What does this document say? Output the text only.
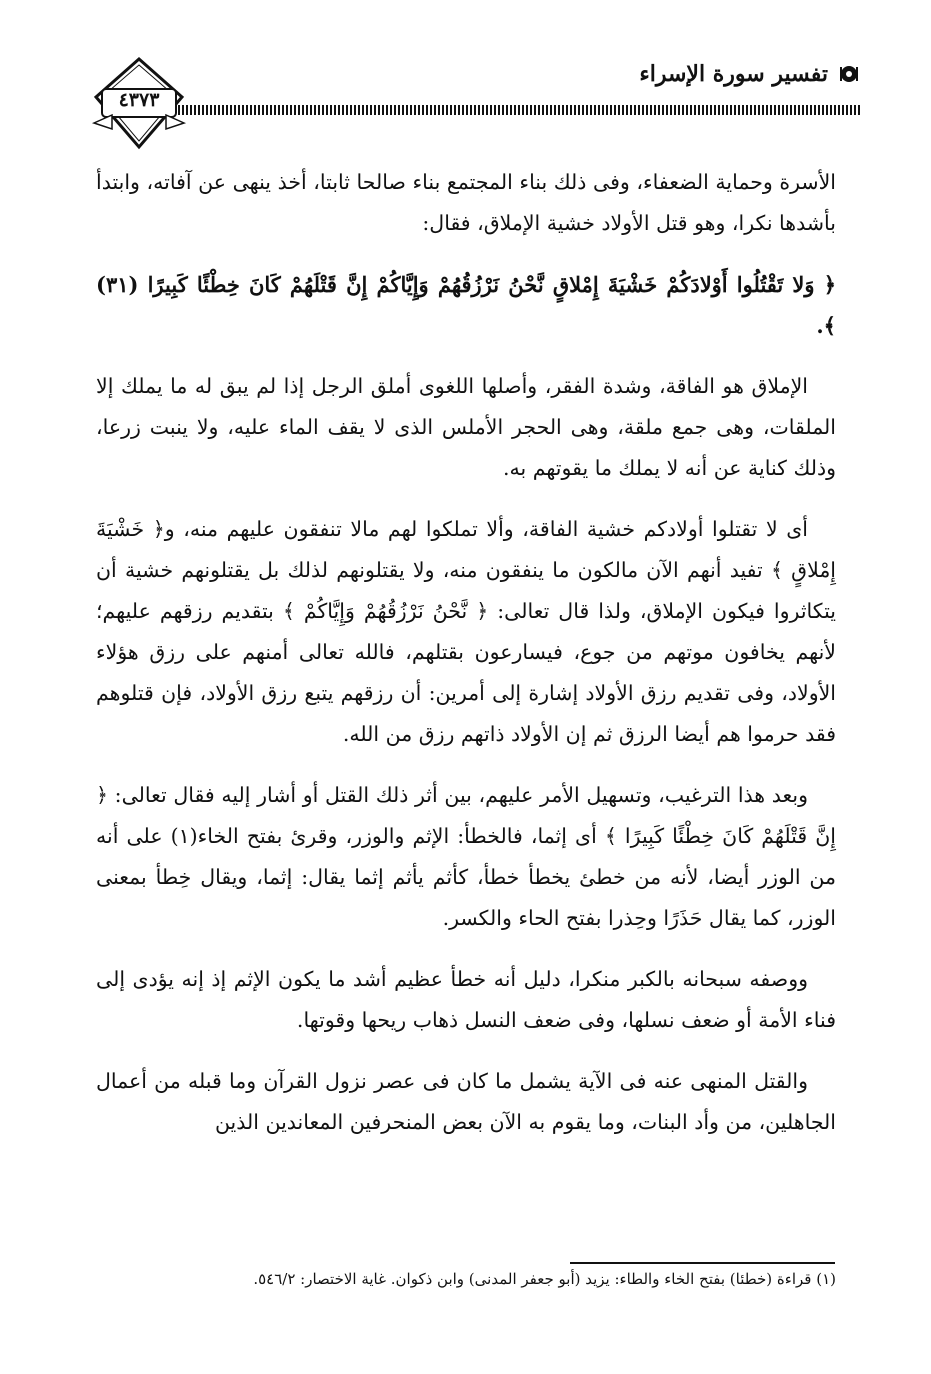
تفسير سورة الإسراء
٤٣٧٣

الأسرة وحماية الضعفاء، وفى ذلك بناء المجتمع بناء صالحا ثابتا، أخذ ينهى عن آفاته، وابتدأ بأشدها نكرا، وهو قتل الأولاد خشية الإملاق، فقال:

﴿ وَلا تَقْتُلُوا أَوْلادَكُمْ خَشْيَةَ إِمْلاقٍ نَّحْنُ نَرْزُقُهُمْ وَإِيَّاكُمْ إِنَّ قَتْلَهُمْ كَانَ خِطْئًا كَبِيرًا (٣١) ﴾.

الإملاق هو الفاقة، وشدة الفقر، وأصلها اللغوى أملق الرجل إذا لم يبق له ما يملك إلا الملقات، وهى جمع ملقة، وهى الحجر الأملس الذى لا يقف الماء عليه، ولا ينبت زرعا، وذلك كناية عن أنه لا يملك ما يقوتهم به.

أى لا تقتلوا أولادكم خشية الفاقة، وألا تملكوا لهم مالا تنفقون عليهم منه، و﴿ خَشْيَةَ إِمْلاقٍ ﴾ تفيد أنهم الآن مالكون ما ينفقون منه، ولا يقتلونهم لذلك بل يقتلونهم خشية أن يتكاثروا فيكون الإملاق، ولذا قال تعالى: ﴿ نَّحْنُ نَرْزُقُهُمْ وَإِيَّاكُمْ ﴾ بتقديم رزقهم عليهم؛ لأنهم يخافون موتهم من جوع، فيسارعون بقتلهم، فالله تعالى أمنهم على رزق هؤلاء الأولاد، وفى تقديم رزق الأولاد إشارة إلى أمرين: أن رزقهم يتبع رزق الأولاد، فإن قتلوهم فقد حرموا هم أيضا الرزق ثم إن الأولاد ذاتهم رزق من الله.

وبعد هذا الترغيب، وتسهيل الأمر عليهم، بين أثر ذلك القتل أو أشار إليه فقال تعالى: ﴿ إِنَّ قَتْلَهُمْ كَانَ خِطْئًا كَبِيرًا ﴾ أى إثما، فالخطأ: الإثم والوزر، وقرئ بفتح الخاء(١) على أنه من الوزر أيضا، لأنه من خطئ يخطأ خطأ، كأثم يأثم إثما يقال: إثما، ويقال خِطأ بمعنى الوزر، كما يقال حَذَرًا وحِذرا بفتح الحاء والكسر.

ووصفه سبحانه بالكبر منكرا، دليل أنه خطأ عظيم أشد ما يكون الإثم إذ إنه يؤدى إلى فناء الأمة أو ضعف نسلها، وفى ضعف النسل ذهاب ريحها وقوتها.

والقتل المنهى عنه فى الآية يشمل ما كان فى عصر نزول القرآن وما قبله من أعمال الجاهلين، من وأد البنات، وما يقوم به الآن بعض المنحرفين المعاندين الذين

(١) قراءة (خطئا) بفتح الخاء والطاء: يزيد (أبو جعفر المدنى) وابن ذكوان. غاية الاختصار: ٥٤٦/٢.
